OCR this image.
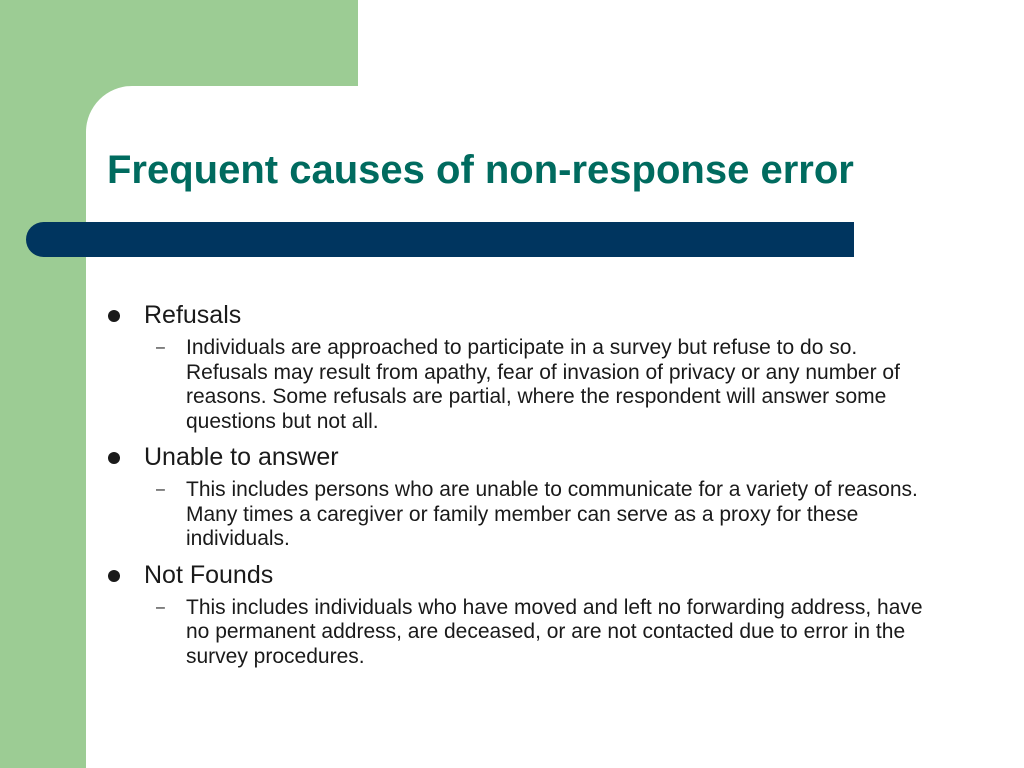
Frequent causes of non-response error
Refusals
–	Individuals are approached to participate in a survey but refuse to do so. Refusals may result from apathy, fear of invasion of privacy or any number of reasons. Some refusals are partial, where the respondent will answer some questions but not all.
Unable to answer
–	This includes persons who are unable to communicate for a variety of reasons. Many times a caregiver or family member can serve as a proxy for these individuals.
Not Founds
–	This includes individuals who have moved and left no forwarding address, have no permanent address, are deceased, or are not contacted due to error in the survey procedures.
